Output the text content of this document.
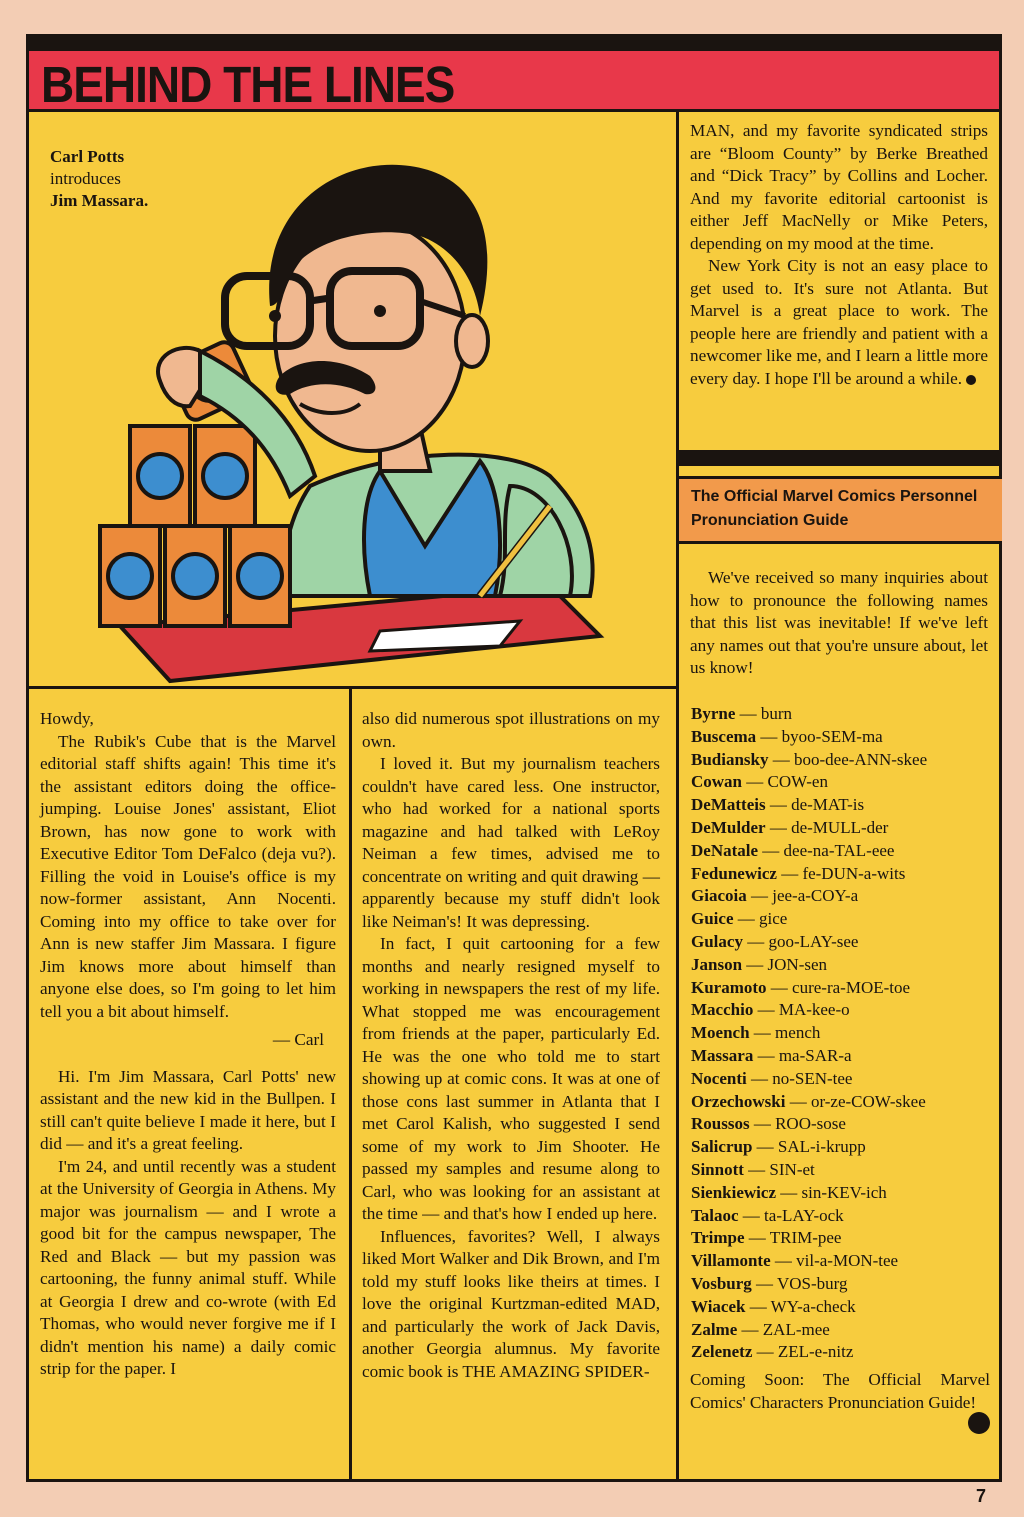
BEHIND THE LINES
Carl Potts
introduces
Jim Massara.

Howdy,

The Rubik's Cube that is the Marvel editorial staff shifts again! This time it's the assistant editors doing the office-jumping. Louise Jones' assistant, Eliot Brown, has now gone to work with Executive Editor Tom DeFalco (deja vu?). Filling the void in Louise's office is my now-former assistant, Ann Nocenti. Coming into my office to take over for Ann is new staffer Jim Massara. I figure Jim knows more about himself than anyone else does, so I'm going to let him tell you a bit about himself.

— Carl

Hi. I'm Jim Massara, Carl Potts' new assistant and the new kid in the Bullpen. I still can't quite believe I made it here, but I did — and it's a great feeling.

I'm 24, and until recently was a student at the University of Georgia in Athens. My major was journalism — and I wrote a good bit for the campus newspaper, The Red and Black — but my passion was cartooning, the funny animal stuff. While at Georgia I drew and co-wrote (with Ed Thomas, who would never forgive me if I didn't mention his name) a daily comic strip for the paper. I

also did numerous spot illustrations on my own.

I loved it. But my journalism teachers couldn't have cared less. One instructor, who had worked for a national sports magazine and had talked with LeRoy Neiman a few times, advised me to concentrate on writing and quit drawing — apparently because my stuff didn't look like Neiman's! It was depressing.

In fact, I quit cartooning for a few months and nearly resigned myself to working in newspapers the rest of my life. What stopped me was encouragement from friends at the paper, particularly Ed. He was the one who told me to start showing up at comic cons. It was at one of those cons last summer in Atlanta that I met Carol Kalish, who suggested I send some of my work to Jim Shooter. He passed my samples and resume along to Carl, who was looking for an assistant at the time — and that's how I ended up here.

Influences, favorites? Well, I always liked Mort Walker and Dik Brown, and I'm told my stuff looks like theirs at times. I love the original Kurtzman-edited MAD, and particularly the work of Jack Davis, another Georgia alumnus. My favorite comic book is THE AMAZING SPIDER-

MAN, and my favorite syndicated strips are “Bloom County” by Berke Breathed and “Dick Tracy” by Collins and Locher. And my favorite editorial cartoonist is either Jeff MacNelly or Mike Peters, depending on my mood at the time.

New York City is not an easy place to get used to. It's sure not Atlanta. But Marvel is a great place to work. The people here are friendly and patient with a newcomer like me, and I learn a little more every day. I hope I'll be around a while.

The Official Marvel Comics Personnel Pronunciation Guide

We've received so many inquiries about how to pronounce the following names that this list was inevitable! If we've left any names out that you're unsure about, let us know!

Byrne — burn
Buscema — byoo-SEM-ma
Budiansky — boo-dee-ANN-skee
Cowan — COW-en
DeMatteis — de-MAT-is
DeMulder — de-MULL-der
DeNatale — dee-na-TAL-eee
Fedunewicz — fe-DUN-a-wits
Giacoia — jee-a-COY-a
Guice — gice
Gulacy — goo-LAY-see
Janson — JON-sen
Kuramoto — cure-ra-MOE-toe
Macchio — MA-kee-o
Moench — mench
Massara — ma-SAR-a
Nocenti — no-SEN-tee
Orzechowski — or-ze-COW-skee
Roussos — ROO-sose
Salicrup — SAL-i-krupp
Sinnott — SIN-et
Sienkiewicz — sin-KEV-ich
Talaoc — ta-LAY-ock
Trimpe — TRIM-pee
Villamonte — vil-a-MON-tee
Vosburg — VOS-burg
Wiacek — WY-a-check
Zalme — ZAL-mee
Zelenetz — ZEL-e-nitz

Coming Soon: The Official Marvel Comics' Characters Pronunciation Guide!

7
